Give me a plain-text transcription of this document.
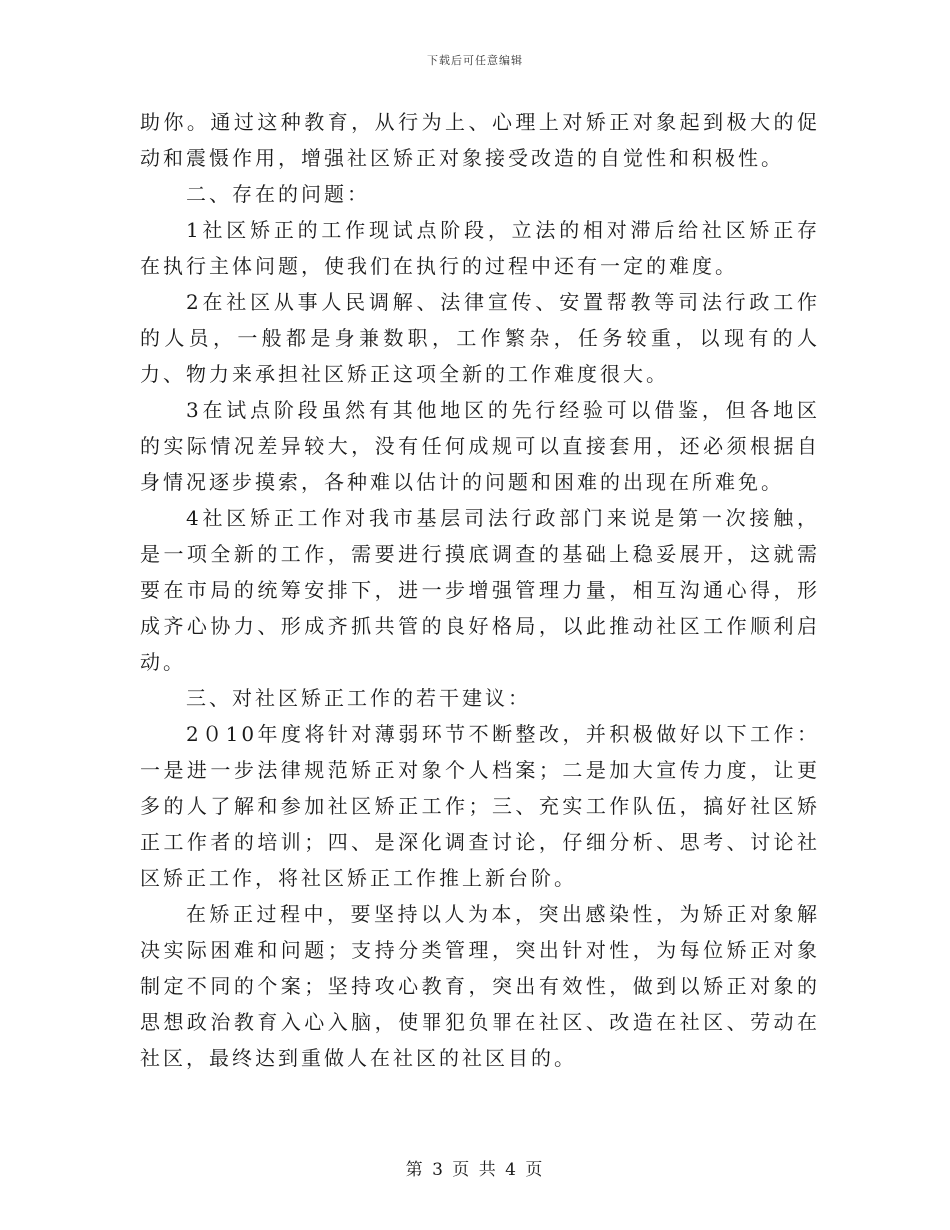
下载后可任意编辑

助你。通过这种教育，从行为上、心理上对矫正对象起到极大的促动和震慑作用，增强社区矫正对象接受改造的自觉性和积极性。

二、存在的问题：

1社区矫正的工作现试点阶段，立法的相对滞后给社区矫正存在执行主体问题，使我们在执行的过程中还有一定的难度。

2在社区从事人民调解、法律宣传、安置帮教等司法行政工作的人员，一般都是身兼数职，工作繁杂，任务较重，以现有的人力、物力来承担社区矫正这项全新的工作难度很大。

3在试点阶段虽然有其他地区的先行经验可以借鉴，但各地区的实际情况差异较大，没有任何成规可以直接套用，还必须根据自身情况逐步摸索，各种难以估计的问题和困难的出现在所难免。

4社区矫正工作对我市基层司法行政部门来说是第一次接触，是一项全新的工作，需要进行摸底调查的基础上稳妥展开，这就需要在市局的统筹安排下，进一步增强管理力量，相互沟通心得，形成齐心协力、形成齐抓共管的良好格局，以此推动社区工作顺利启动。

三、对社区矫正工作的若干建议：

2０10年度将针对薄弱环节不断整改，并积极做好以下工作：一是进一步法律规范矫正对象个人档案；二是加大宣传力度，让更多的人了解和参加社区矫正工作；三、充实工作队伍，搞好社区矫正工作者的培训；四、是深化调查讨论，仔细分析、思考、讨论社区矫正工作，将社区矫正工作推上新台阶。

在矫正过程中，要坚持以人为本，突出感染性，为矫正对象解决实际困难和问题；支持分类管理，突出针对性，为每位矫正对象制定不同的个案；坚持攻心教育，突出有效性，做到以矫正对象的思想政治教育入心入脑，使罪犯负罪在社区、改造在社区、劳动在社区，最终达到重做人在社区的社区目的。

第 3 页 共 4 页
